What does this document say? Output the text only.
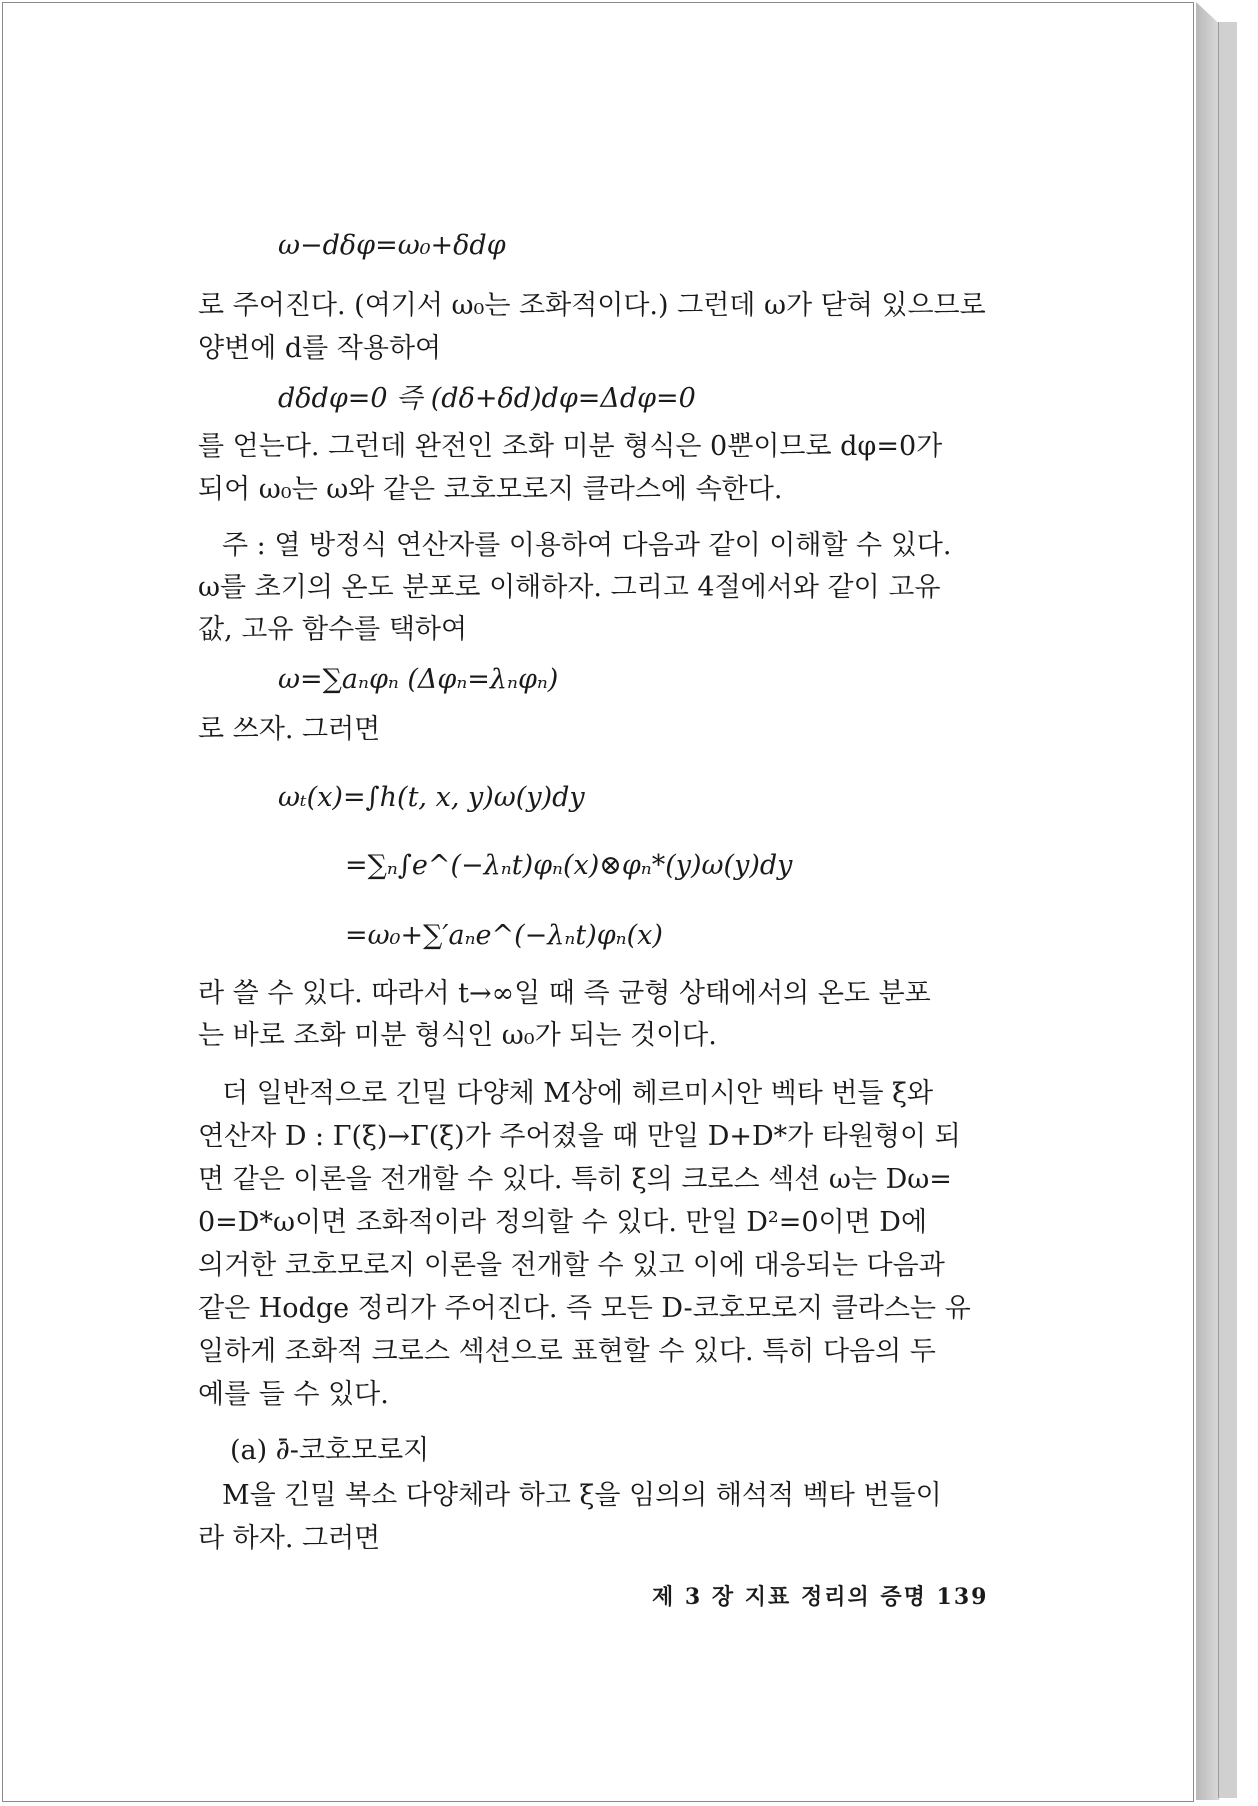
ω−dδφ=ω₀+δdφ
로 주어진다. (여기서 ω₀는 조화적이다.) 그런데 ω가 닫혀 있으므로
양변에 d를 작용하여
dδdφ=0 즉 (dδ+δd)dφ=Δdφ=0
를 얻는다. 그런데 완전인 조화 미분 형식은 0뿐이므로 dφ=0가
되어 ω₀는 ω와 같은 코호모로지 클라스에 속한다.
주 : 열 방정식 연산자를 이용하여 다음과 같이 이해할 수 있다.
ω를 초기의 온도 분포로 이해하자. 그리고 4절에서와 같이 고유
값, 고유 함수를 택하여
ω=∑aₙφₙ (Δφₙ=λₙφₙ)
로 쓰자. 그러면
ωₜ(x)=∫h(t, x, y)ω(y)dy
=∑ₙ∫e^(−λₙt)φₙ(x)⊗φₙ*(y)ω(y)dy
=ω₀+∑′aₙe^(−λₙt)φₙ(x)
라 쓸 수 있다. 따라서 t→∞일 때 즉 균형 상태에서의 온도 분포
는 바로 조화 미분 형식인 ω₀가 되는 것이다.
더 일반적으로 긴밀 다양체 M상에 헤르미시안 벡타 번들 ξ와
연산자 D : Γ(ξ)→Γ(ξ)가 주어졌을 때 만일 D+D*가 타원형이 되
면 같은 이론을 전개할 수 있다. 특히 ξ의 크로스 섹션 ω는 Dω=
0=D*ω이면 조화적이라 정의할 수 있다. 만일 D²=0이면 D에
의거한 코호모로지 이론을 전개할 수 있고 이에 대응되는 다음과
같은 Hodge 정리가 주어진다. 즉 모든 D-코호모로지 클라스는 유
일하게 조화적 크로스 섹션으로 표현할 수 있다. 특히 다음의 두
예를 들 수 있다.
(a) ∂̄-코호모로지
M을 긴밀 복소 다양체라 하고 ξ을 임의의 해석적 벡타 번들이
라 하자. 그러면
제 3 장 지표 정리의 증명 139
